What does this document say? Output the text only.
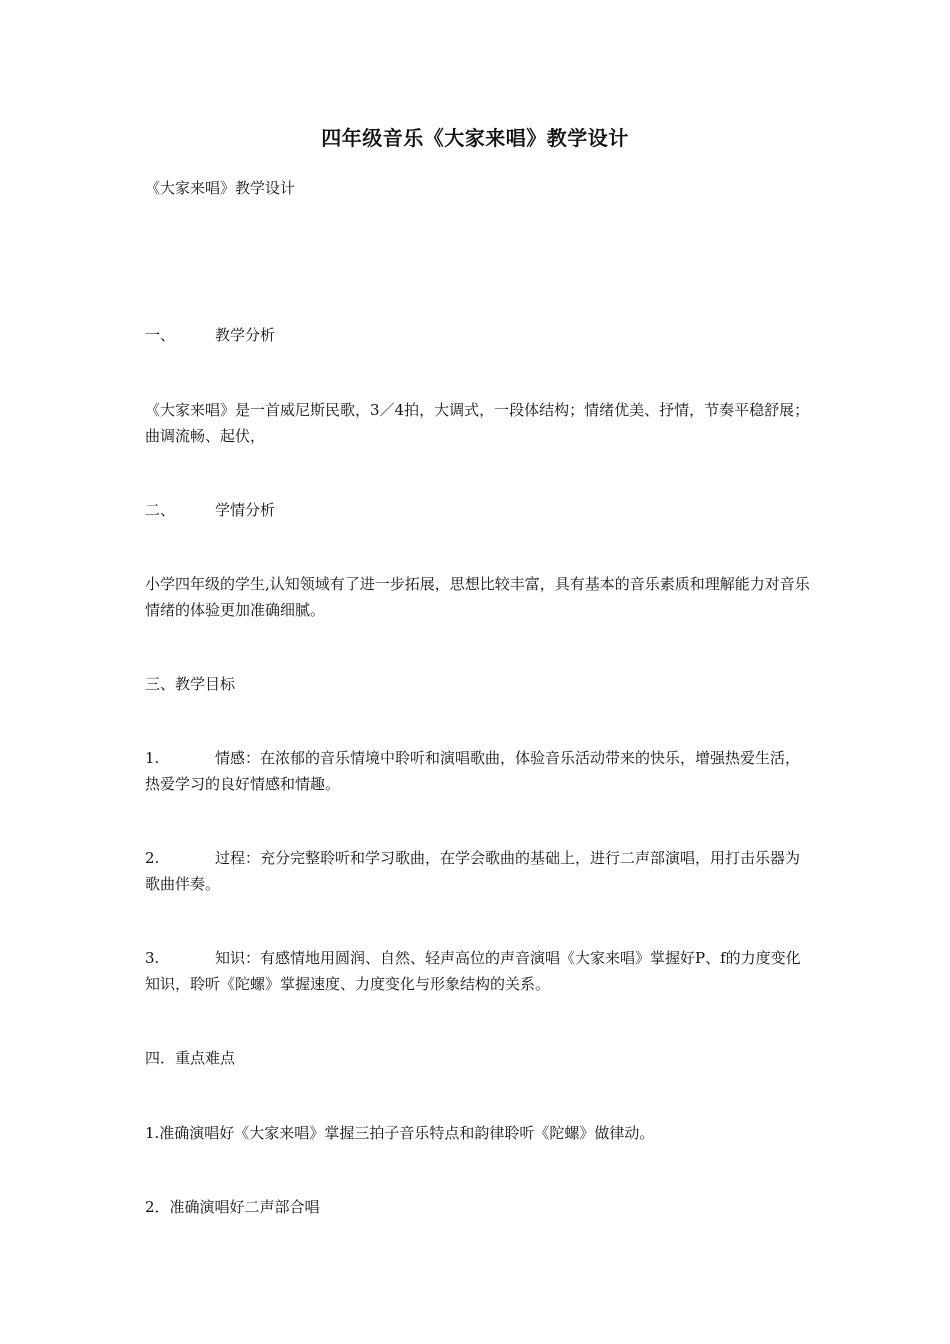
四年级音乐《大家来唱》教学设计
《大家来唱》教学设计
一、	教学分析
《大家来唱》是一首威尼斯民歌，3／4拍，大调式，一段体结构；情绪优美、抒情，节奏平稳舒展；曲调流畅、起伏，
二、	学情分析
小学四年级的学生,认知领域有了进一步拓展，思想比较丰富，具有基本的音乐素质和理解能力对音乐情绪的体验更加准确细腻。
三、教学目标
1.	情感：在浓郁的音乐情境中聆听和演唱歌曲，体验音乐活动带来的快乐，增强热爱生活，热爱学习的良好情感和情趣。
2.	过程：充分完整聆听和学习歌曲，在学会歌曲的基础上，进行二声部演唱，用打击乐器为歌曲伴奏。
3.	知识：有感情地用圆润、自然、轻声高位的声音演唱《大家来唱》掌握好P、f的力度变化知识，聆听《陀螺》掌握速度、力度变化与形象结构的关系。
四．重点难点
1.准确演唱好《大家来唱》掌握三拍子音乐特点和韵律聆听《陀螺》做律动。
2．准确演唱好二声部合唱
